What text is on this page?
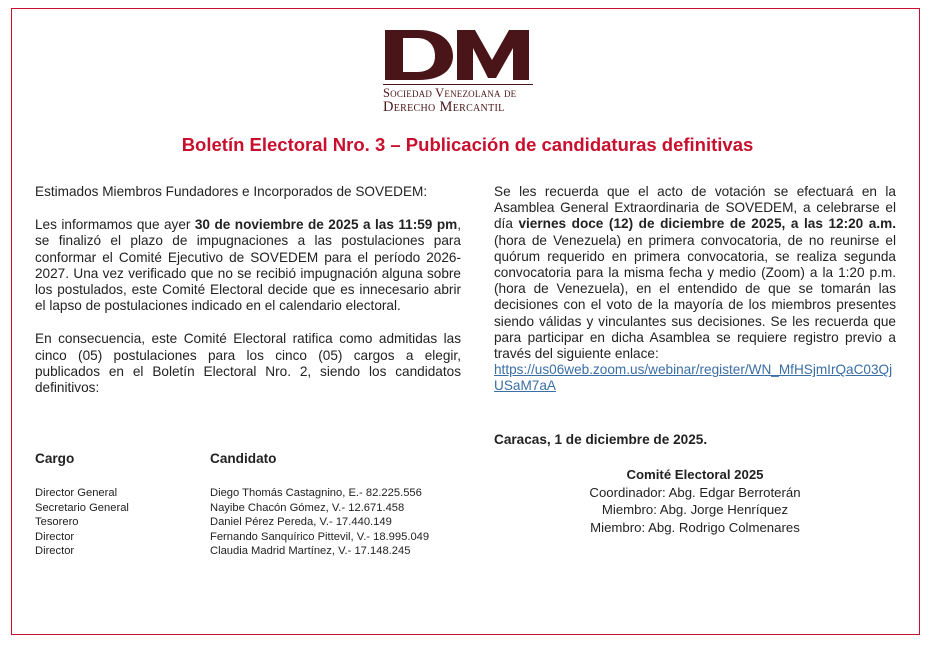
Sociedad Venezolana de
Derecho Mercantil
Boletín Electoral Nro. 3 – Publicación de candidaturas definitivas

Estimados Miembros Fundadores e Incorporados de SOVEDEM:

Les informamos que ayer 30 de noviembre de 2025 a las 11:59 pm, se finalizó el plazo de impugnaciones a las postulaciones para conformar el Comité Ejecutivo de SOVEDEM para el período 2026-2027. Una vez verificado que no se recibió impugnación alguna sobre los postulados, este Comité Electoral decide que es innecesario abrir el lapso de postulaciones indicado en el calendario electoral.

En consecuencia, este Comité Electoral ratifica como admitidas las cinco (05) postulaciones para los cinco (05) cargos a elegir, publicados en el Boletín Electoral Nro. 2, siendo los candidatos definitivos:

Cargo	Candidato
Director General
Secretario General
Tesorero
Director
Director
Diego Thomás Castagnino, E.- 82.225.556
Nayibe Chacón Gómez, V.- 12.671.458
Daniel Pérez Pereda, V.- 17.440.149
Fernando Sanquírico Pittevil, V.- 18.995.049
Claudia Madrid Martínez, V.- 17.148.245

Se les recuerda que el acto de votación se efectuará en la Asamblea General Extraordinaria de SOVEDEM, a celebrarse el día viernes doce (12) de diciembre de 2025, a las 12:20 a.m. (hora de Venezuela) en primera convocatoria, de no reunirse el quórum requerido en primera convocatoria, se realiza segunda convocatoria para la misma fecha y medio (Zoom) a la 1:20 p.m. (hora de Venezuela), en el entendido de que se tomarán las decisiones con el voto de la mayoría de los miembros presentes siendo válidas y vinculantes sus decisiones. Se les recuerda que para participar en dicha Asamblea se requiere registro previo a través del siguiente enlace:

https://us06web.zoom.us/webinar/register/WN_MfHSjmIrQaC03QjUSaM7aA

Caracas, 1 de diciembre de 2025.
Comité Electoral 2025
Coordinador: Abg. Edgar Berroterán
Miembro: Abg. Jorge Henríquez
Miembro: Abg. Rodrigo Colmenares
